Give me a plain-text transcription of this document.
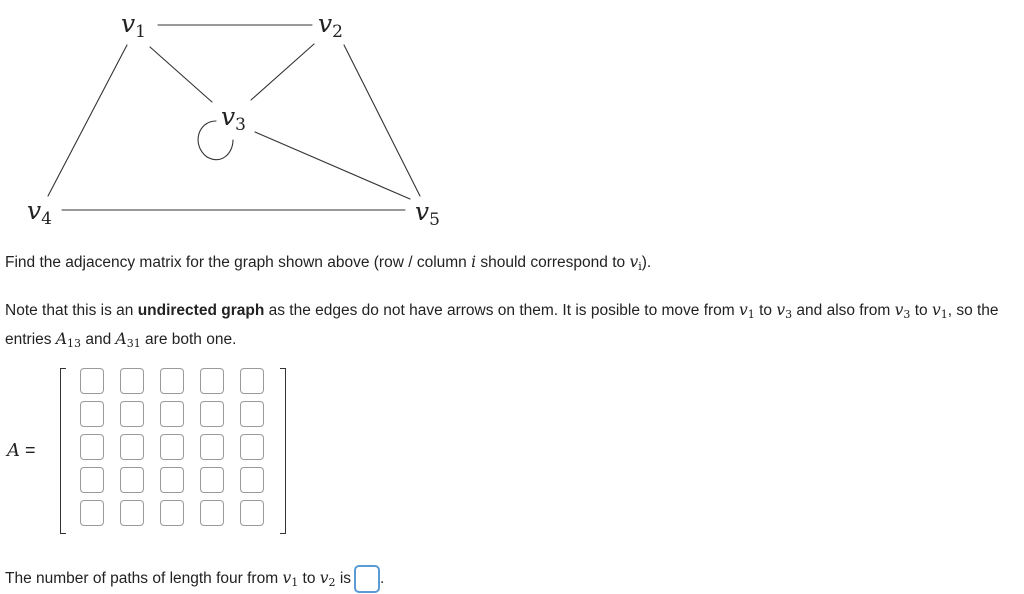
$v_1$	$v_2$
$v_3$
$v_4$	$v_5$
Find the adjacency matrix for the graph shown above (row / column i should correspond to $v_i$).
Note that this is an undirected graph as the edges do not have arrows on them. It is posible to move from $v_1$ to $v_3$ and also from $v_3$ to $v_1$, so the entries $A_{13}$ and $A_{31}$ are both one.
A =
The number of paths of length four from $v_1$ to $v_2$ is .
